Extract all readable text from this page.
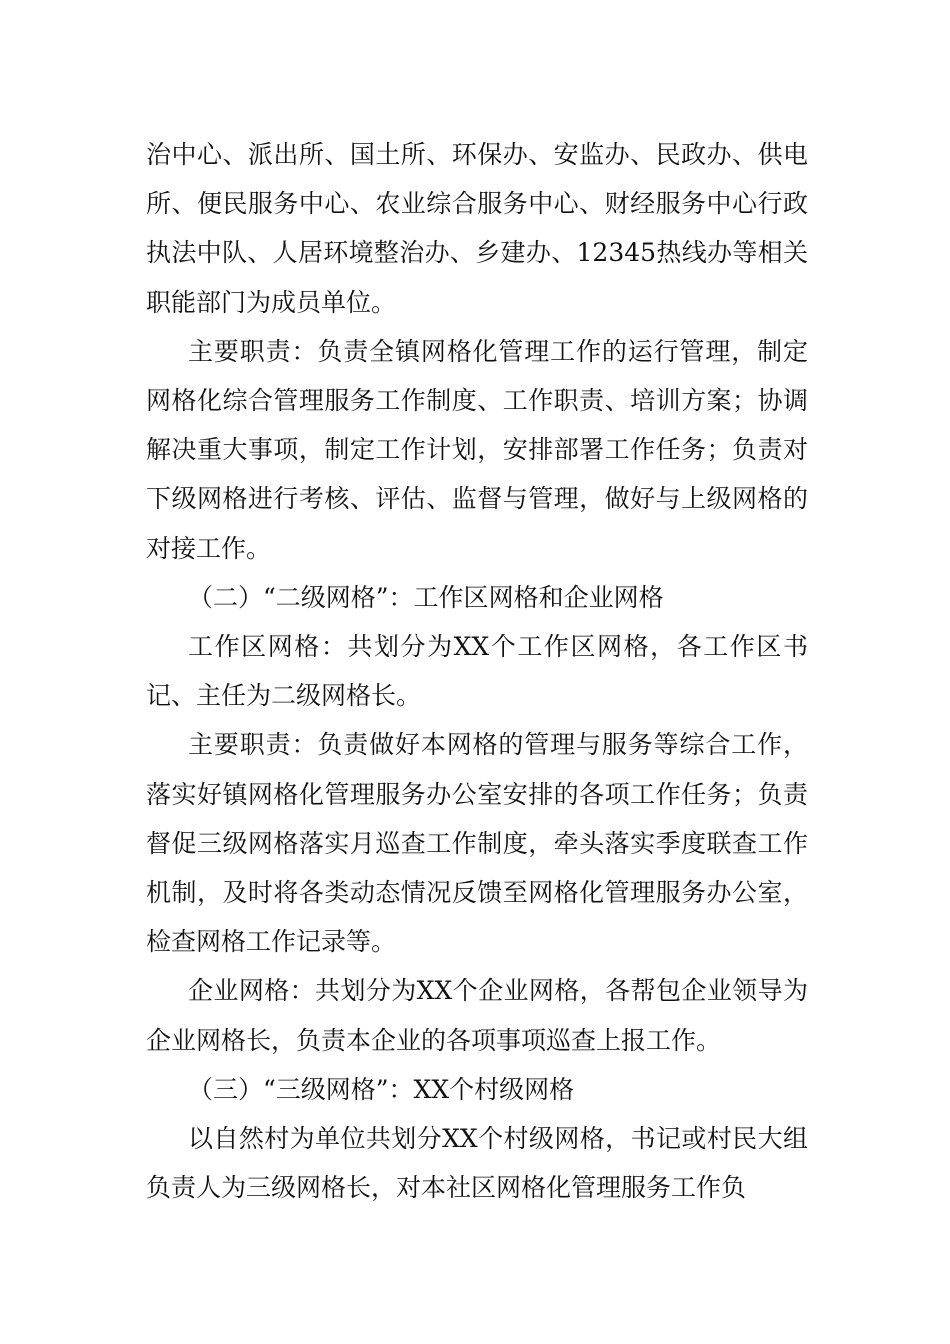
治中心、派出所、国土所、环保办、安监办、民政办、供电所、便民服务中心、农业综合服务中心、财经服务中心行政执法中队、人居环境整治办、乡建办、12345热线办等相关职能部门为成员单位。

主要职责：负责全镇网格化管理工作的运行管理，制定网格化综合管理服务工作制度、工作职责、培训方案；协调解决重大事项，制定工作计划，安排部署工作任务；负责对下级网格进行考核、评估、监督与管理，做好与上级网格的对接工作。

（二）“二级网格”：工作区网格和企业网格

工作区网格：共划分为XX个工作区网格，各工作区书记、主任为二级网格长。

主要职责：负责做好本网格的管理与服务等综合工作，落实好镇网格化管理服务办公室安排的各项工作任务；负责督促三级网格落实月巡查工作制度，牵头落实季度联查工作机制，及时将各类动态情况反馈至网格化管理服务办公室，检查网格工作记录等。

企业网格：共划分为XX个企业网格，各帮包企业领导为企业网格长，负责本企业的各项事项巡查上报工作。

（三）“三级网格”：XX个村级网格

以自然村为单位共划分XX个村级网格，书记或村民大组负责人为三级网格长，对本社区网格化管理服务工作负
